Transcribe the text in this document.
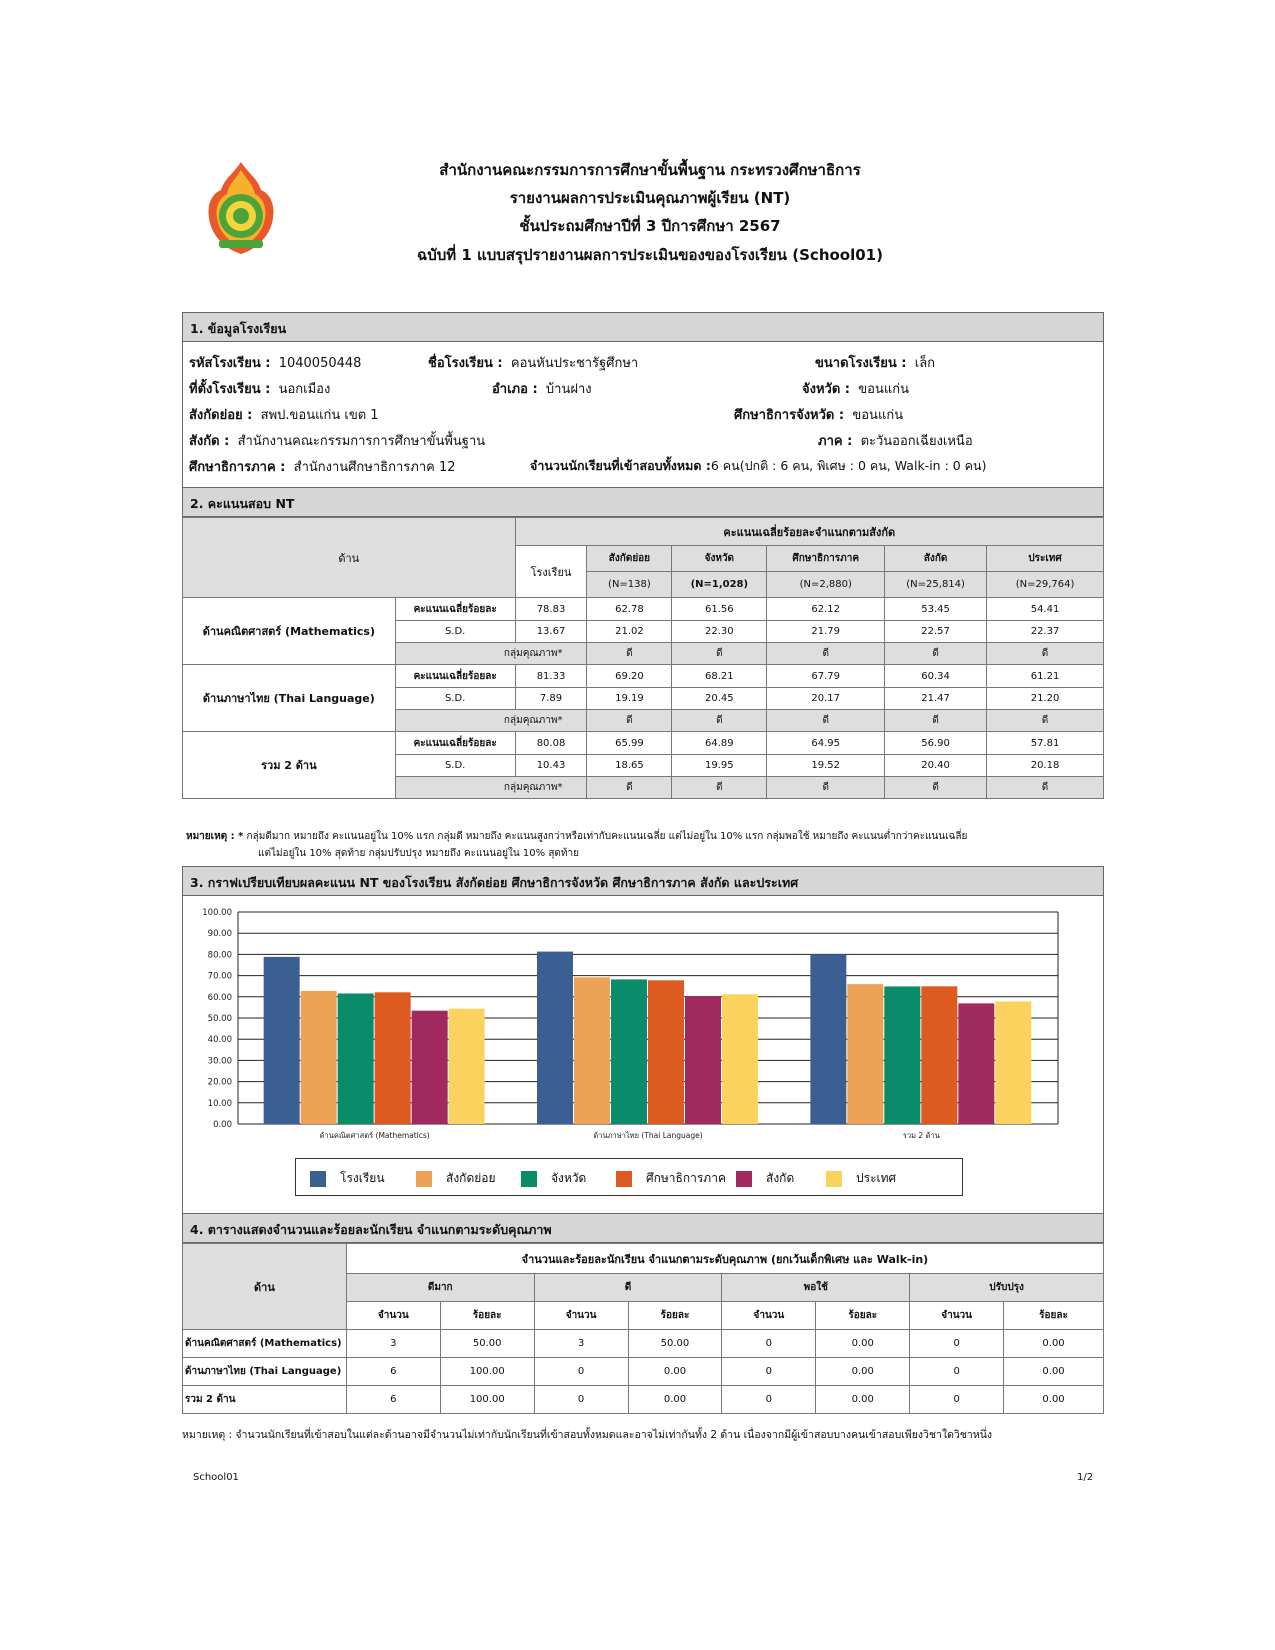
สำนักงานคณะกรรมการการศึกษาขั้นพื้นฐาน กระทรวงศึกษาธิการ
รายงานผลการประเมินคุณภาพผู้เรียน (NT)
ชั้นประถมศึกษาปีที่ 3 ปีการศึกษา 2567
ฉบับที่ 1 แบบสรุปรายงานผลการประเมินของของโรงเรียน (School01)
1. ข้อมูลโรงเรียน
รหัสโรงเรียน : 1040050448	ชื่อโรงเรียน : คอนหันประชารัฐศึกษา	ขนาดโรงเรียน : เล็ก
ที่ตั้งโรงเรียน : นอกเมือง	อำเภอ : บ้านฝาง	จังหวัด : ขอนแก่น
สังกัดย่อย : สพป.ขอนแก่น เขต 1	ศึกษาธิการจังหวัด : ขอนแก่น
สังกัด : สำนักงานคณะกรรมการการศึกษาขั้นพื้นฐาน	ภาค : ตะวันออกเฉียงเหนือ
ศึกษาธิการภาค : สำนักงานศึกษาธิการภาค 12	จำนวนนักเรียนที่เข้าสอบทั้งหมด :6 คน(ปกติ : 6 คน, พิเศษ : 0 คน, Walk-in : 0 คน)
2. คะแนนสอบ NT
ด้าน		คะแนนเฉลี่ยร้อยละจำแนกตามสังกัด					
		โรงเรียน	สังกัดย่อย	จังหวัด	ศึกษาธิการภาค	สังกัด	ประเทศ
			(N=138)	(N=1,028)	(N=2,880)	(N=25,814)	(N=29,764)
ด้านคณิตศาสตร์ (Mathematics)	คะแนนเฉลี่ยร้อยละ	78.83	62.78	61.56	62.12	53.45	54.41
	S.D.	13.67	21.02	22.30	21.79	22.57	22.37
	กลุ่มคุณภาพ*		ดี	ดี	ดี	ดี	ดี
ด้านภาษาไทย (Thai Language)	คะแนนเฉลี่ยร้อยละ	81.33	69.20	68.21	67.79	60.34	61.21
	S.D.	7.89	19.19	20.45	20.17	21.47	21.20
	กลุ่มคุณภาพ*		ดี	ดี	ดี	ดี	ดี
รวม 2 ด้าน	คะแนนเฉลี่ยร้อยละ	80.08	65.99	64.89	64.95	56.90	57.81
	S.D.	10.43	18.65	19.95	19.52	20.40	20.18
	กลุ่มคุณภาพ*		ดี	ดี	ดี	ดี	ดี
หมายเหตุ : * กลุ่มดีมาก หมายถึง คะแนนอยู่ใน 10% แรก กลุ่มดี หมายถึง คะแนนสูงกว่าหรือเท่ากับคะแนนเฉลี่ย แต่ไม่อยู่ใน 10% แรก กลุ่มพอใช้ หมายถึง คะแนนต่ำกว่าคะแนนเฉลี่ย
แต่ไม่อยู่ใน 10% สุดท้าย กลุ่มปรับปรุง หมายถึง คะแนนอยู่ใน 10% สุดท้าย
3. กราฟเปรียบเทียบผลคะแนน NT ของโรงเรียน สังกัดย่อย ศึกษาธิการจังหวัด ศึกษาธิการภาค สังกัด และประเทศ
0.00
10.00
20.00
30.00
40.00
50.00
60.00
70.00
80.00
90.00
100.00
ด้านคณิตศาสตร์ (Mathematics)	ด้านภาษาไทย (Thai Language)	รวม 2 ด้าน
โรงเรียน	สังกัดย่อย	จังหวัด	ศึกษาธิการภาค	สังกัด	ประเทศ
4. ตารางแสดงจำนวนและร้อยละนักเรียน จำแนกตามระดับคุณภาพ
ด้าน	จำนวนและร้อยละนักเรียน จำแนกตามระดับคุณภาพ (ยกเว้นเด็กพิเศษ และ Walk-in)							
	ดีมาก		ดี		พอใช้		ปรับปรุง	
	จำนวน	ร้อยละ	จำนวน	ร้อยละ	จำนวน	ร้อยละ	จำนวน	ร้อยละ
ด้านคณิตศาสตร์ (Mathematics)	3	50.00	3	50.00	0	0.00	0	0.00
ด้านภาษาไทย (Thai Language)	6	100.00	0	0.00	0	0.00	0	0.00
รวม 2 ด้าน	6	100.00	0	0.00	0	0.00	0	0.00
หมายเหตุ : จำนวนนักเรียนที่เข้าสอบในแต่ละด้านอาจมีจำนวนไม่เท่ากับนักเรียนที่เข้าสอบทั้งหมดและอาจไม่เท่ากันทั้ง 2 ด้าน เนื่องจากมีผู้เข้าสอบบางคนเข้าสอบเพียงวิชาใดวิชาหนึ่ง
School01	1/2
